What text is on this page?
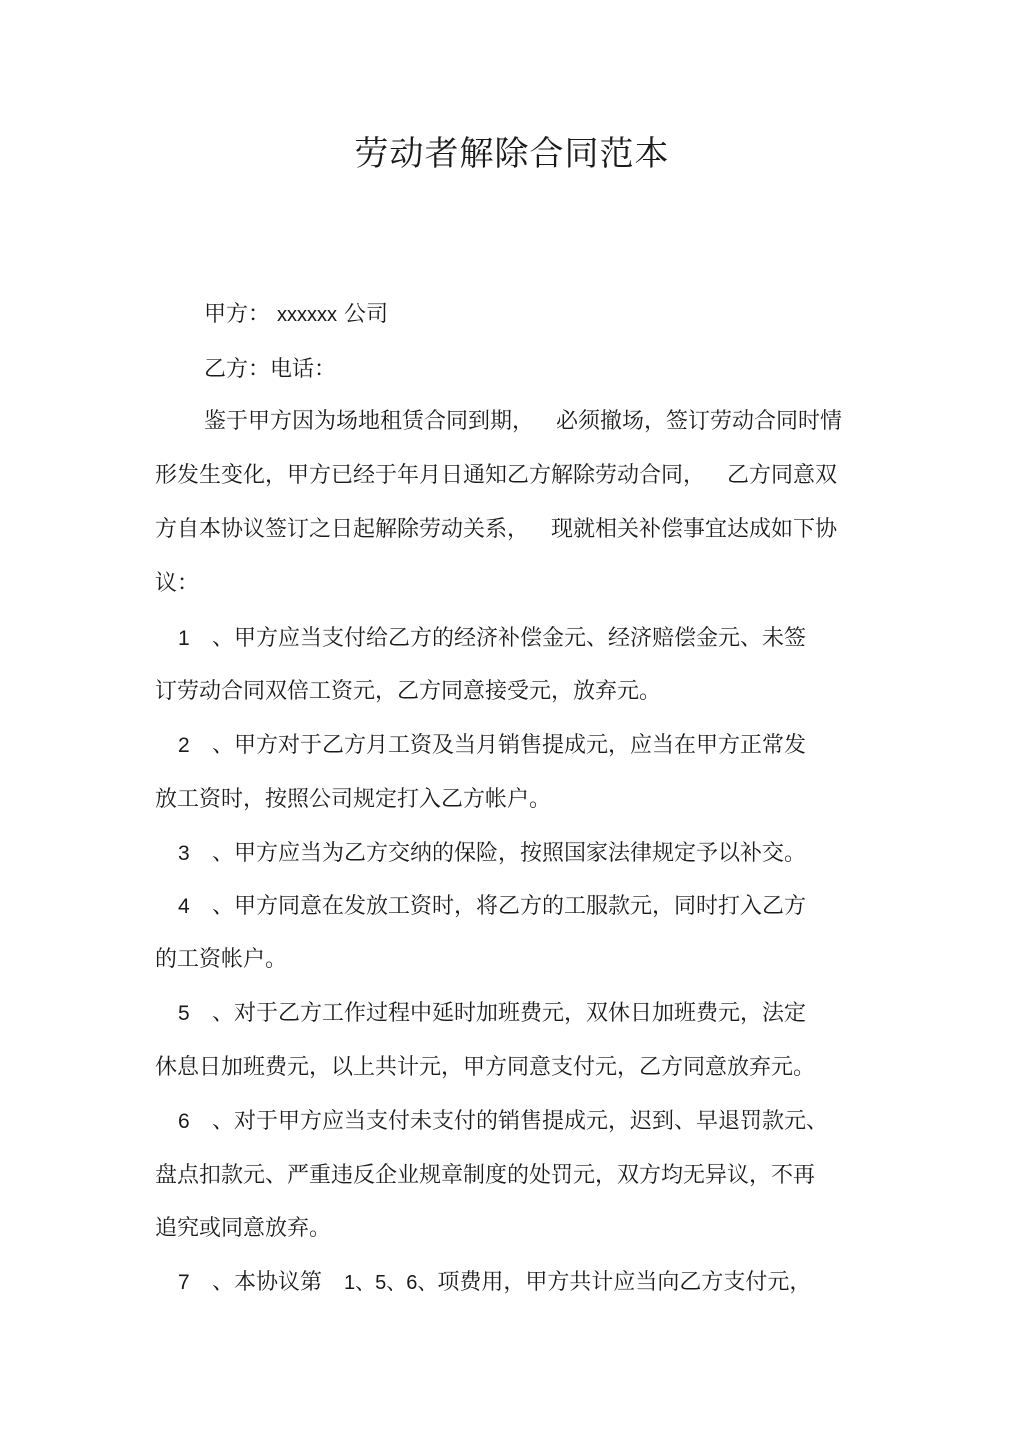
劳动者解除合同范本

甲方： xxxxxx 公司

乙方：电话：

鉴于甲方因为场地租赁合同到期， 必须撤场，签订劳动合同时情

形发生变化，甲方已经于年月日通知乙方解除劳动合同， 乙方同意双

方自本协议签订之日起解除劳动关系， 现就相关补偿事宜达成如下协

议：

1 、甲方应当支付给乙方的经济补偿金元、经济赔偿金元、未签

订劳动合同双倍工资元，乙方同意接受元，放弃元。

2 、甲方对于乙方月工资及当月销售提成元，应当在甲方正常发

放工资时，按照公司规定打入乙方帐户。

3 、甲方应当为乙方交纳的保险，按照国家法律规定予以补交。

4 、甲方同意在发放工资时，将乙方的工服款元，同时打入乙方

的工资帐户。

5 、对于乙方工作过程中延时加班费元，双休日加班费元，法定

休息日加班费元，以上共计元，甲方同意支付元，乙方同意放弃元。

6 、对于甲方应当支付未支付的销售提成元，迟到、早退罚款元、

盘点扣款元、严重违反企业规章制度的处罚元，双方均无异议，不再

追究或同意放弃。

7 、本协议第 1、5、6、项费用，甲方共计应当向乙方支付元，
